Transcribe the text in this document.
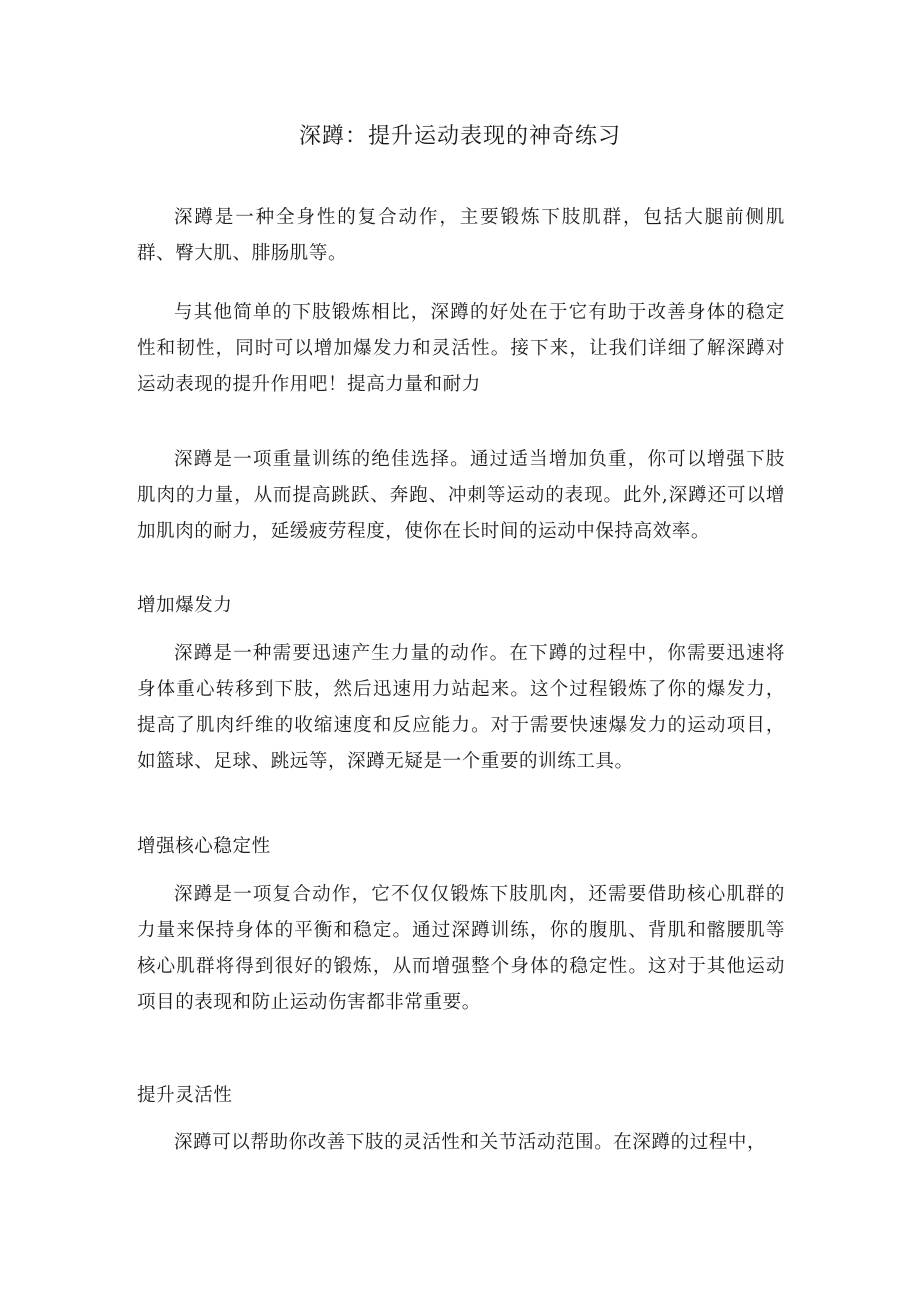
深蹲：提升运动表现的神奇练习

深蹲是一种全身性的复合动作，主要锻炼下肢肌群，包括大腿前侧肌群、臀大肌、腓肠肌等。

与其他简单的下肢锻炼相比，深蹲的好处在于它有助于改善身体的稳定性和韧性，同时可以增加爆发力和灵活性。接下来，让我们详细了解深蹲对运动表现的提升作用吧！提高力量和耐力

深蹲是一项重量训练的绝佳选择。通过适当增加负重，你可以增强下肢肌肉的力量，从而提高跳跃、奔跑、冲刺等运动的表现。此外,深蹲还可以增加肌肉的耐力，延缓疲劳程度，使你在长时间的运动中保持高效率。

增加爆发力

深蹲是一种需要迅速产生力量的动作。在下蹲的过程中，你需要迅速将身体重心转移到下肢，然后迅速用力站起来。这个过程锻炼了你的爆发力，提高了肌肉纤维的收缩速度和反应能力。对于需要快速爆发力的运动项目，如篮球、足球、跳远等，深蹲无疑是一个重要的训练工具。

增强核心稳定性

深蹲是一项复合动作，它不仅仅锻炼下肢肌肉，还需要借助核心肌群的力量来保持身体的平衡和稳定。通过深蹲训练，你的腹肌、背肌和髂腰肌等核心肌群将得到很好的锻炼，从而增强整个身体的稳定性。这对于其他运动项目的表现和防止运动伤害都非常重要。

提升灵活性

深蹲可以帮助你改善下肢的灵活性和关节活动范围。在深蹲的过程中，
